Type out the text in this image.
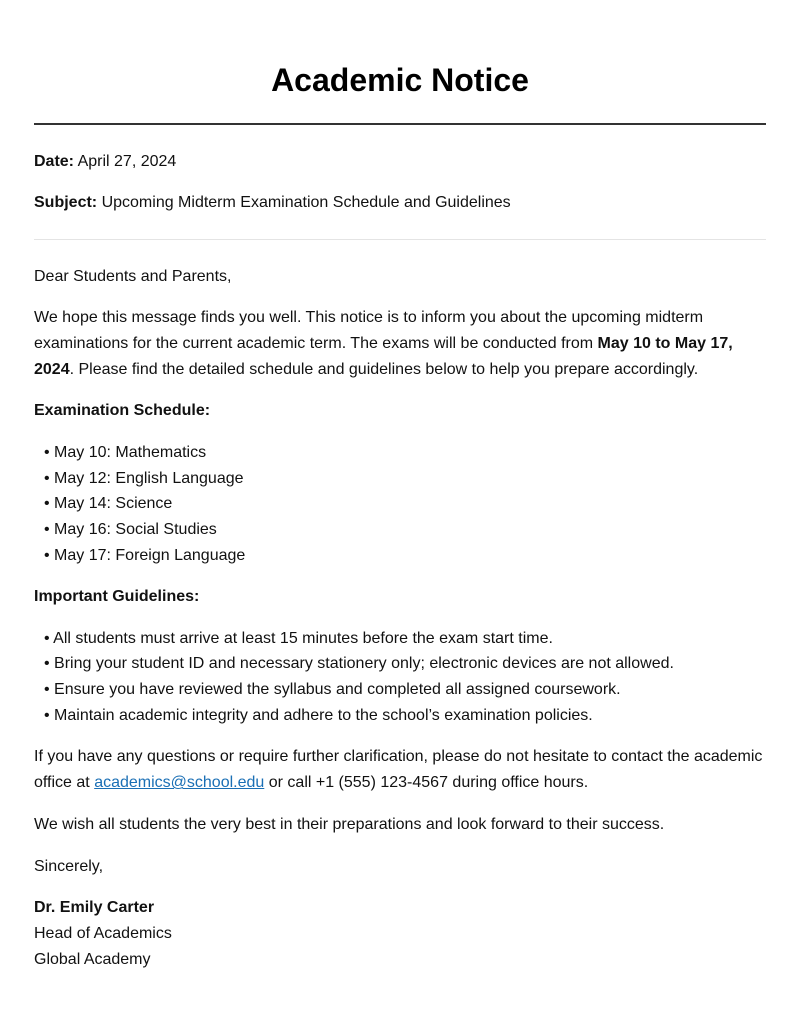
Academic Notice

Date: April 27, 2024

Subject: Upcoming Midterm Examination Schedule and Guidelines

Dear Students and Parents,

We hope this message finds you well. This notice is to inform you about the upcoming midterm examinations for the current academic term. The exams will be conducted from May 10 to May 17, 2024. Please find the detailed schedule and guidelines below to help you prepare accordingly.

Examination Schedule:

• May 10: Mathematics
• May 12: English Language
• May 14: Science
• May 16: Social Studies
• May 17: Foreign Language

Important Guidelines:

• All students must arrive at least 15 minutes before the exam start time.
• Bring your student ID and necessary stationery only; electronic devices are not allowed.
• Ensure you have reviewed the syllabus and completed all assigned coursework.
• Maintain academic integrity and adhere to the school’s examination policies.

If you have any questions or require further clarification, please do not hesitate to contact the academic office at academics@school.edu or call +1 (555) 123-4567 during office hours.

We wish all students the very best in their preparations and look forward to their success.

Sincerely,

Dr. Emily Carter
Head of Academics
Global Academy
